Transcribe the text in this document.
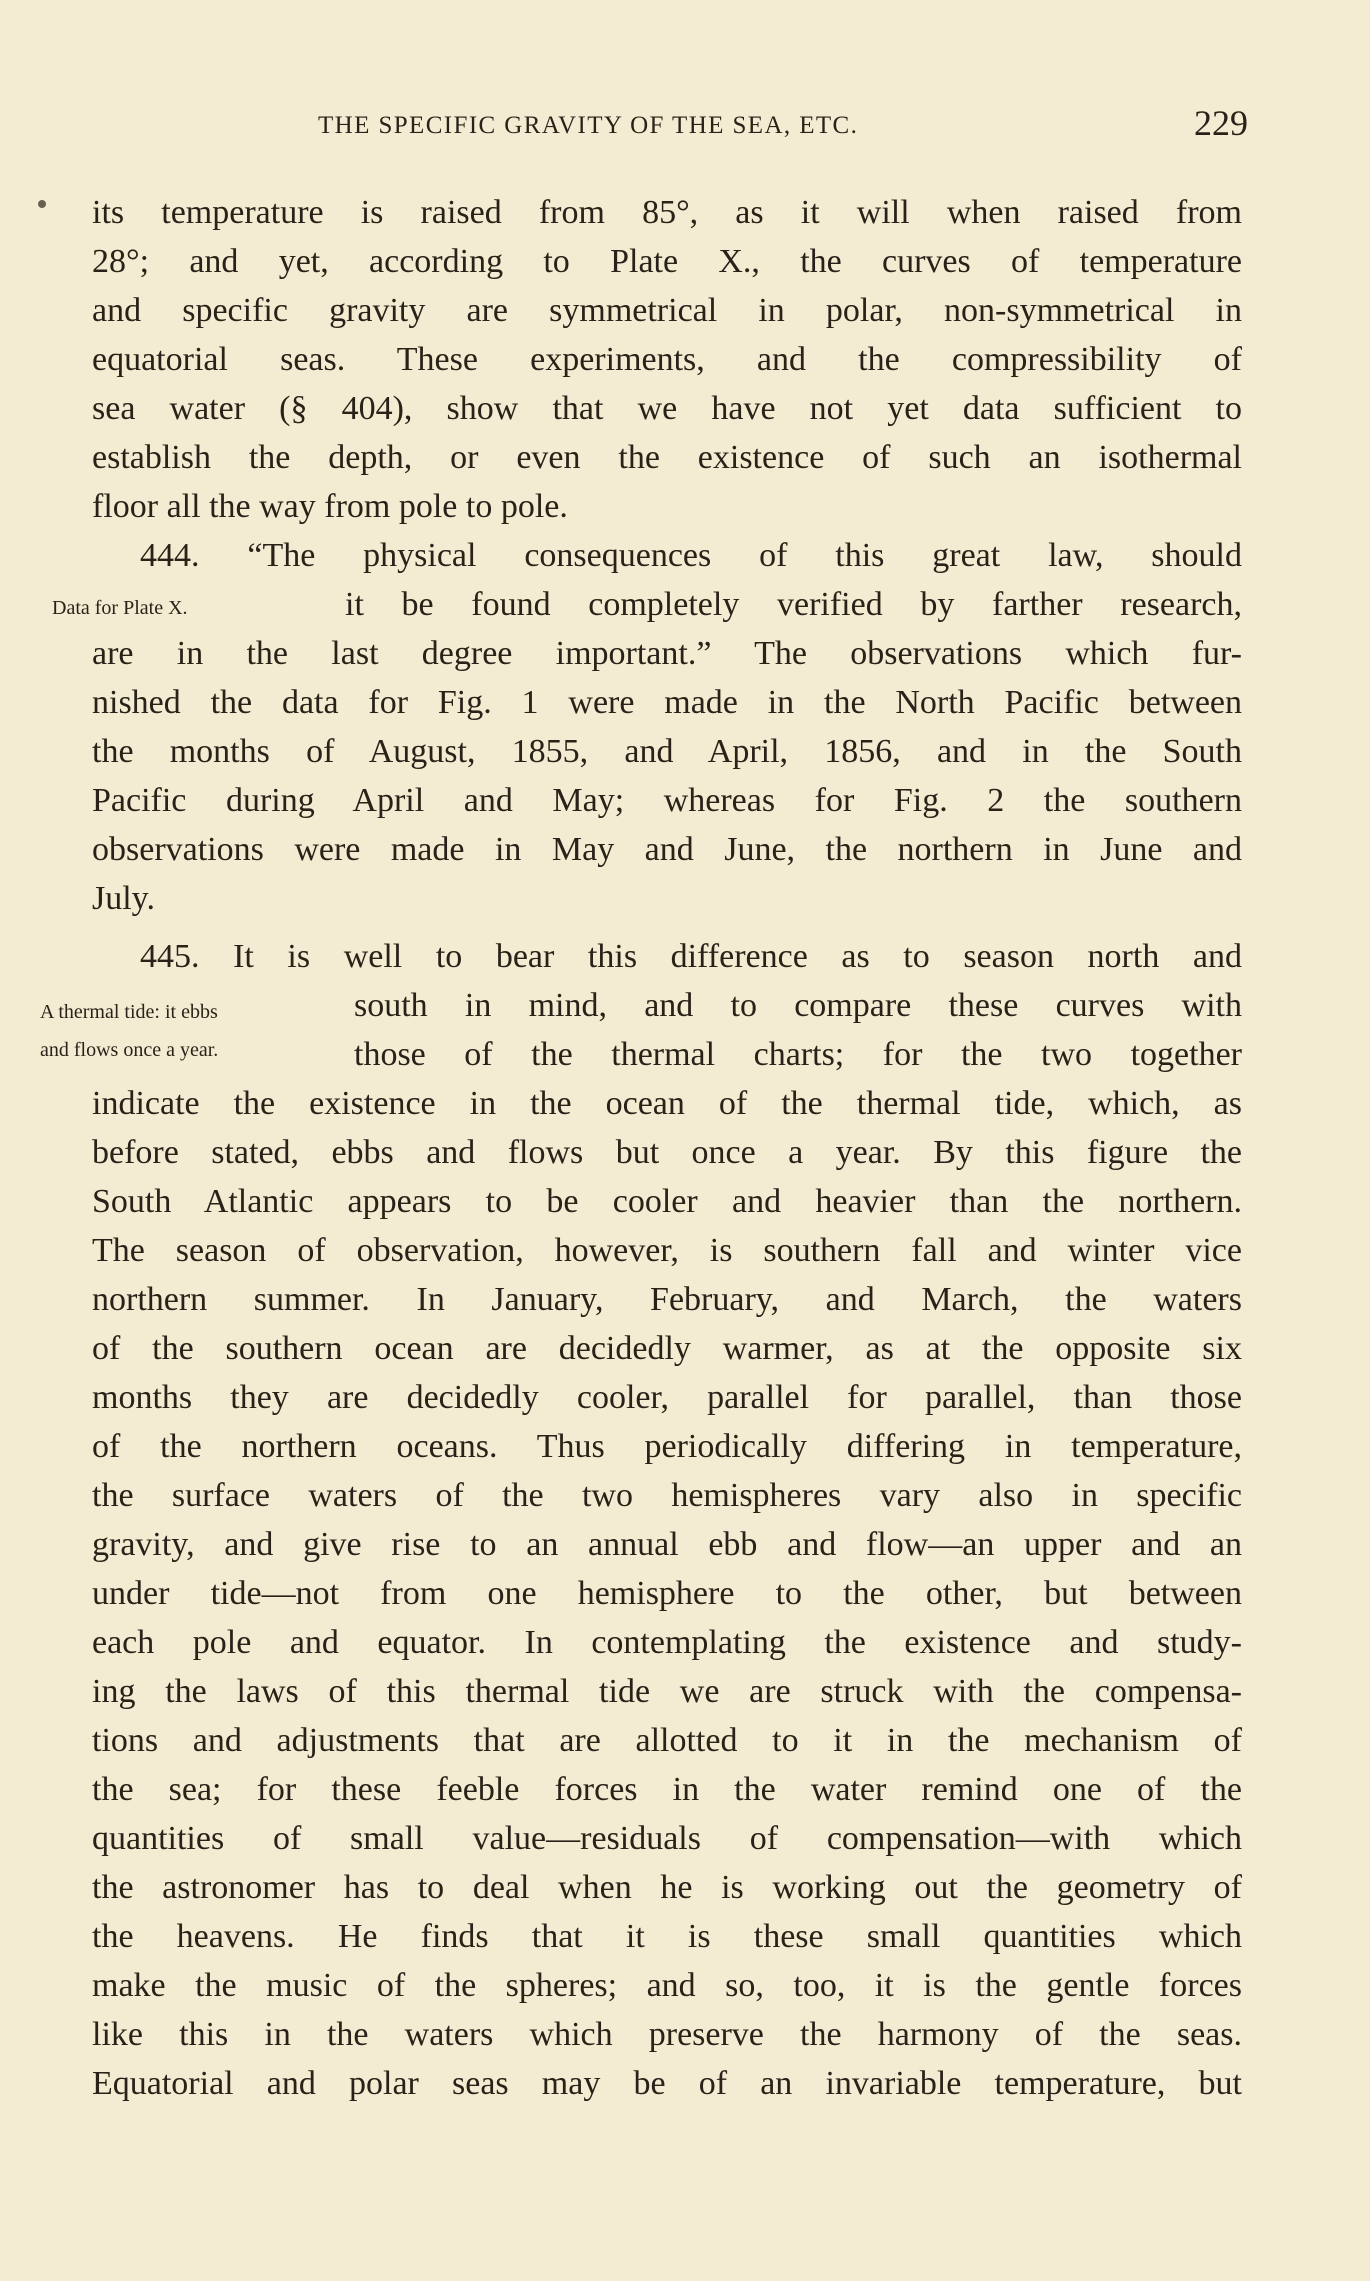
THE SPECIFIC GRAVITY OF THE SEA, ETC.	229
its temperature is raised from 85°, as it will when raised from
28°; and yet, according to Plate X., the curves of temperature
and specific gravity are symmetrical in polar, non-symmetrical in
equatorial seas. These experiments, and the compressibility of
sea water (§ 404), show that we have not yet data sufficient to
establish the depth, or even the existence of such an isothermal
floor all the way from pole to pole.
444. “The physical consequences of this great law, should
it be found completely verified by farther research,
are in the last degree important.” The observations which fur-
nished the data for Fig. 1 were made in the North Pacific between
the months of August, 1855, and April, 1856, and in the South
Pacific during April and May; whereas for Fig. 2 the southern
observations were made in May and June, the northern in June and
July.
445. It is well to bear this difference as to season north and
south in mind, and to compare these curves with
those of the thermal charts; for the two together
indicate the existence in the ocean of the thermal tide, which, as
before stated, ebbs and flows but once a year. By this figure the
South Atlantic appears to be cooler and heavier than the northern.
The season of observation, however, is southern fall and winter vice
northern summer. In January, February, and March, the waters
of the southern ocean are decidedly warmer, as at the opposite six
months they are decidedly cooler, parallel for parallel, than those
of the northern oceans. Thus periodically differing in temperature,
the surface waters of the two hemispheres vary also in specific
gravity, and give rise to an annual ebb and flow—an upper and an
under tide—not from one hemisphere to the other, but between
each pole and equator. In contemplating the existence and study-
ing the laws of this thermal tide we are struck with the compensa-
tions and adjustments that are allotted to it in the mechanism of
the sea; for these feeble forces in the water remind one of the
quantities of small value—residuals of compensation—with which
the astronomer has to deal when he is working out the geometry of
the heavens. He finds that it is these small quantities which
make the music of the spheres; and so, too, it is the gentle forces
like this in the waters which preserve the harmony of the seas.
Equatorial and polar seas may be of an invariable temperature, but
Data for Plate X.
A thermal tide: it ebbs
and flows once a year.
